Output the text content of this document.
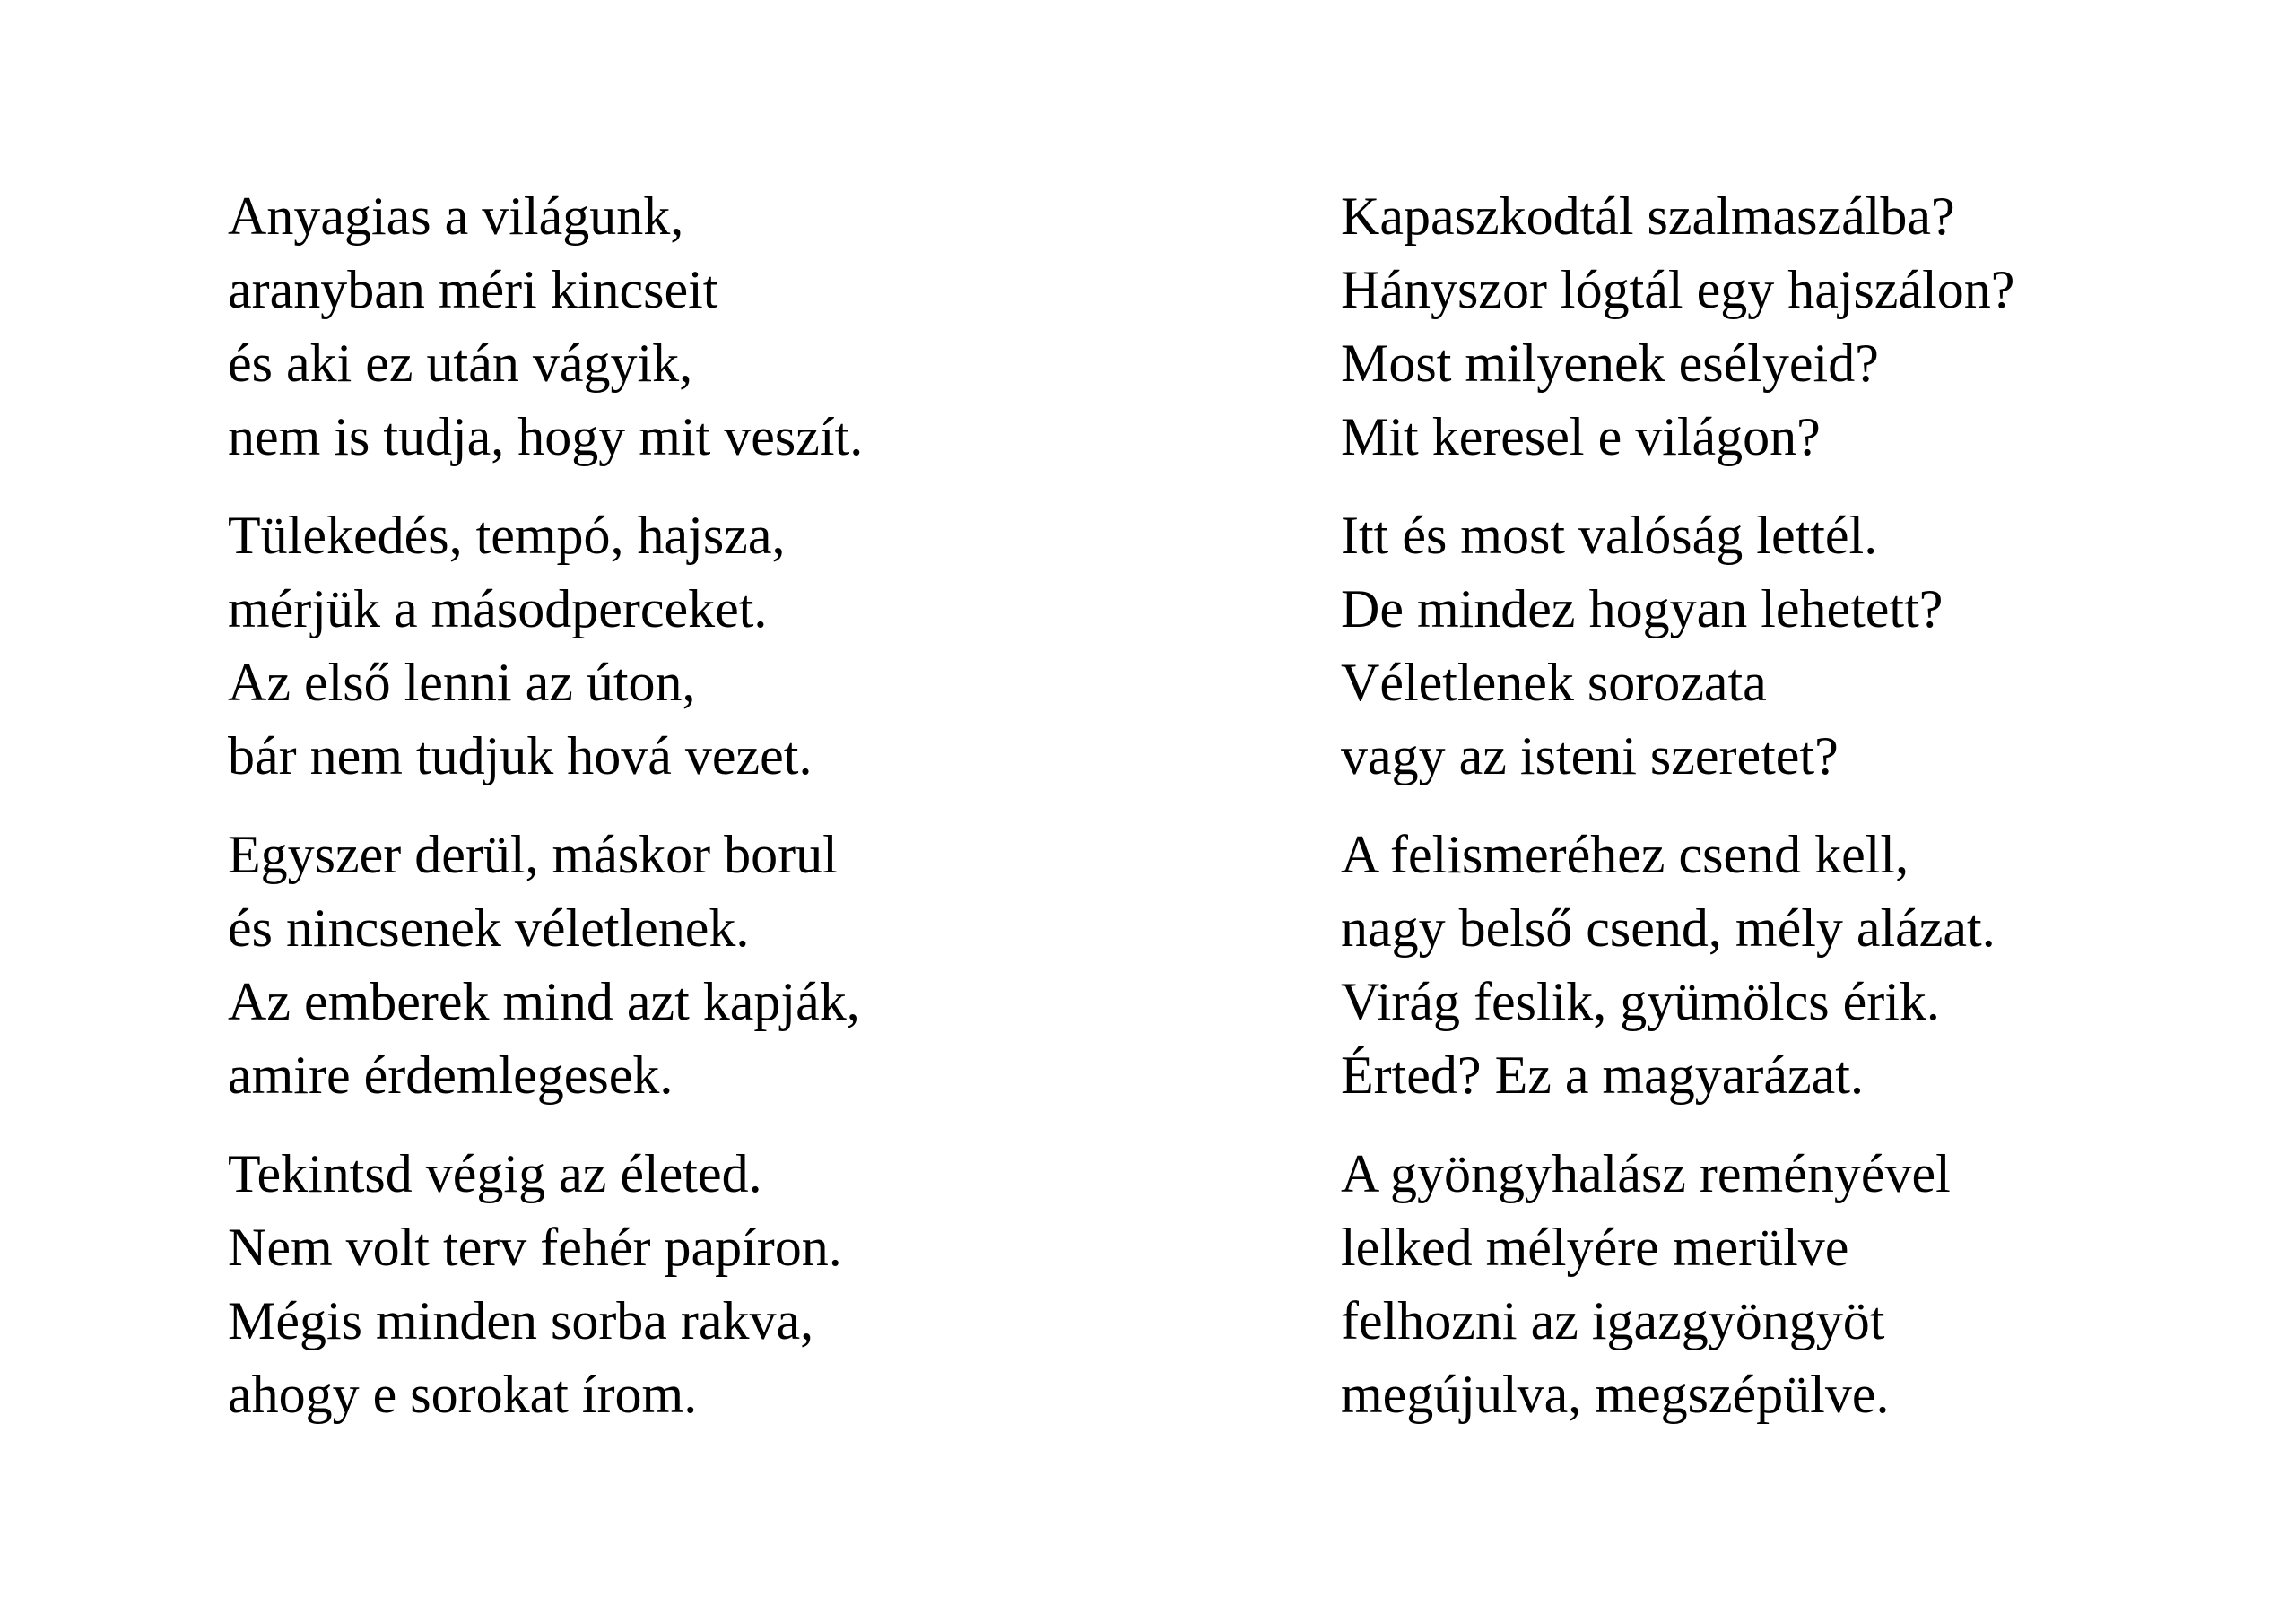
Anyagias a világunk,

aranyban méri kincseit

és aki ez után vágyik,

nem is tudja, hogy mit veszít.

Tülekedés, tempó, hajsza,

mérjük a másodperceket.

Az első lenni az úton,

bár nem tudjuk hová vezet.

Egyszer derül, máskor borul

és nincsenek véletlenek.

Az emberek mind azt kapják,

amire érdemlegesek.

Tekintsd végig az életed.

Nem volt terv fehér papíron.

Mégis minden sorba rakva,

ahogy e sorokat írom.

Kapaszkodtál szalmaszálba?

Hányszor lógtál egy hajszálon?

Most milyenek esélyeid?

Mit keresel e világon?

Itt és most valóság lettél.

De mindez hogyan lehetett?

Véletlenek sorozata

vagy az isteni szeretet?

A felismeréhez csend kell,

nagy belső csend, mély alázat.

Virág feslik, gyümölcs érik.

Érted? Ez a magyarázat.

A gyöngyhalász reményével

lelked mélyére merülve

felhozni az igazgyöngyöt

megújulva, megszépülve.
